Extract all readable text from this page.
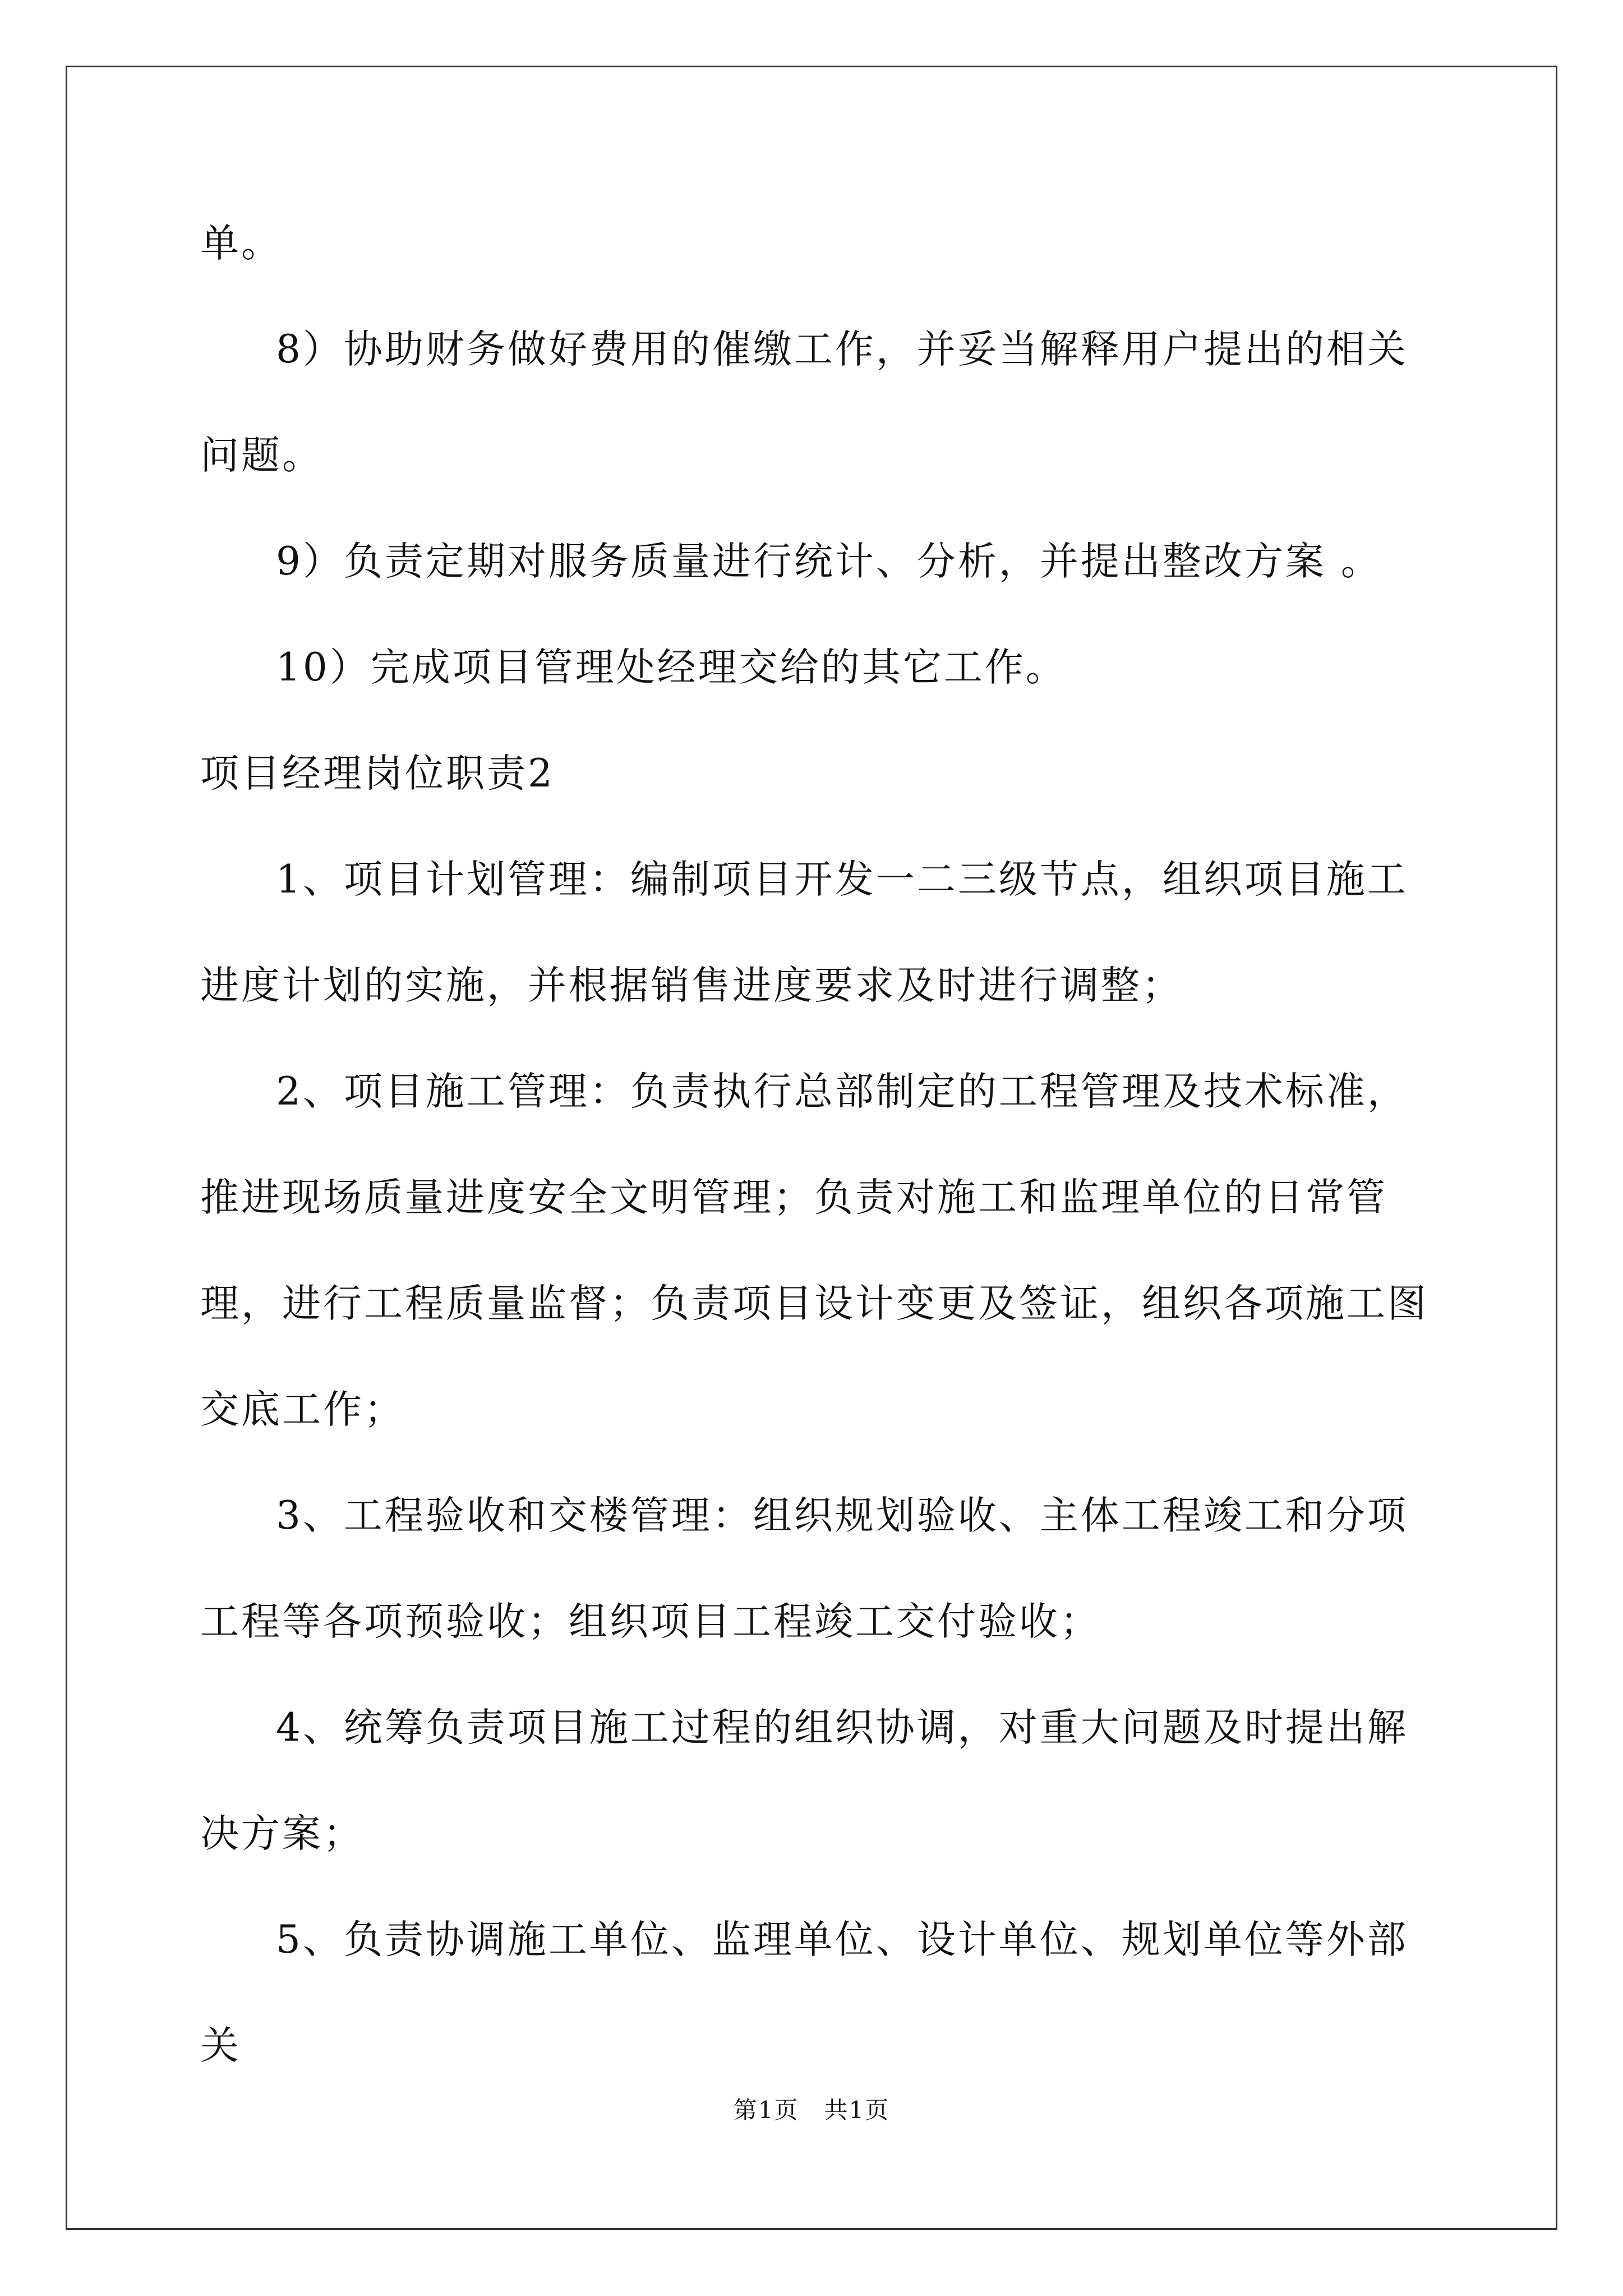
单。

8）协助财务做好费用的催缴工作，并妥当解释用户提出的相关问题。

9）负责定期对服务质量进行统计、分析，并提出整改方案 。

10）完成项目管理处经理交给的其它工作。

项目经理岗位职责2

1、项目计划管理：编制项目开发一二三级节点，组织项目施工进度计划的实施，并根据销售进度要求及时进行调整；

2、项目施工管理：负责执行总部制定的工程管理及技术标准，推进现场质量进度安全文明管理；负责对施工和监理单位的日常管理，进行工程质量监督；负责项目设计变更及签证，组织各项施工图交底工作；

3、工程验收和交楼管理：组织规划验收、主体工程竣工和分项工程等各项预验收；组织项目工程竣工交付验收；

4、统筹负责项目施工过程的组织协调，对重大问题及时提出解决方案；

5、负责协调施工单位、监理单位、设计单位、规划单位等外部关

第1页 共1页
